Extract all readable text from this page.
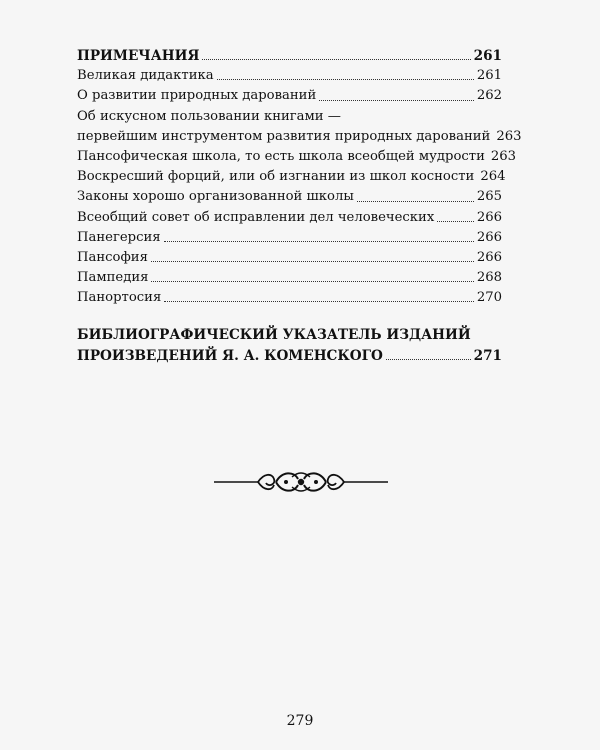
ПРИМЕЧАНИЯ	261
Великая дидактика	261
О развитии природных дарований	262
Об искусном пользовании книгами —
первейшим инструментом развития природных дарований 263
Пансофическая школа, то есть школа всеобщей мудрости 263
Воскресший форций, или об изгнании из школ косности 264
Законы хорошо организованной школы	265
Всеобщий совет об исправлении дел человеческих	266
Панегерсия	266
Пансофия	266
Пампедия	268
Панортосия	270
БИБЛИОГРАФИЧЕСКИЙ УКАЗАТЕЛЬ ИЗДАНИЙ
ПРОИЗВЕДЕНИЙ Я. А. КОМЕНСКОГО	271
279
